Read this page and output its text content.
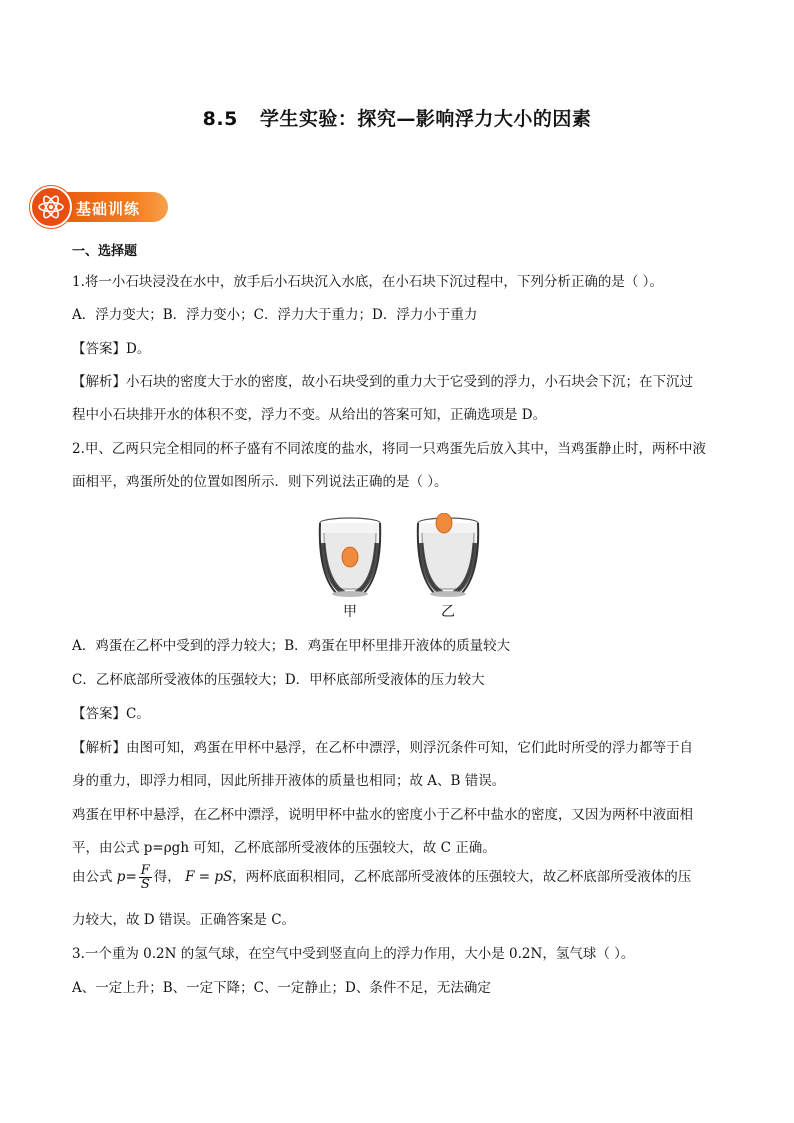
8.5 学生实验：探究—影响浮力大小的因素
基础训练
一、选择题
1.将一小石块浸没在水中，放手后小石块沉入水底，在小石块下沉过程中，下列分析正确的是（ ）。
A．浮力变大；B．浮力变小；C．浮力大于重力；D．浮力小于重力
【答案】D。
【解析】小石块的密度大于水的密度，故小石块受到的重力大于它受到的浮力，小石块会下沉；在下沉过
程中小石块排开水的体积不变，浮力不变。从给出的答案可知，正确选项是 D。
2.甲、乙两只完全相同的杯子盛有不同浓度的盐水，将同一只鸡蛋先后放入其中，当鸡蛋静止时，两杯中液
面相平，鸡蛋所处的位置如图所示．则下列说法正确的是（ ）。
A．鸡蛋在乙杯中受到的浮力较大；B．鸡蛋在甲杯里排开液体的质量较大
C．乙杯底部所受液体的压强较大；D．甲杯底部所受液体的压力较大
【答案】C。
【解析】由图可知，鸡蛋在甲杯中悬浮，在乙杯中漂浮，则浮沉条件可知，它们此时所受的浮力都等于自
身的重力，即浮力相同，因此所排开液体的质量也相同；故 A、B 错误。
鸡蛋在甲杯中悬浮，在乙杯中漂浮，说明甲杯中盐水的密度小于乙杯中盐水的密度，又因为两杯中液面相
平，由公式 p=ρgh 可知，乙杯底部所受液体的压强较大，故 C 正确。
由公式 $p= \frac{F}{S}$ 得， F = pS，两杯底面积相同，乙杯底部所受液体的压强较大，故乙杯底部所受液体的压
力较大，故 D 错误。正确答案是 C。
3.一个重为 0.2N 的氢气球，在空气中受到竖直向上的浮力作用，大小是 0.2N，氢气球（ ）。
A、一定上升；B、一定下降；C、一定静止；D、条件不足，无法确定
甲	乙
